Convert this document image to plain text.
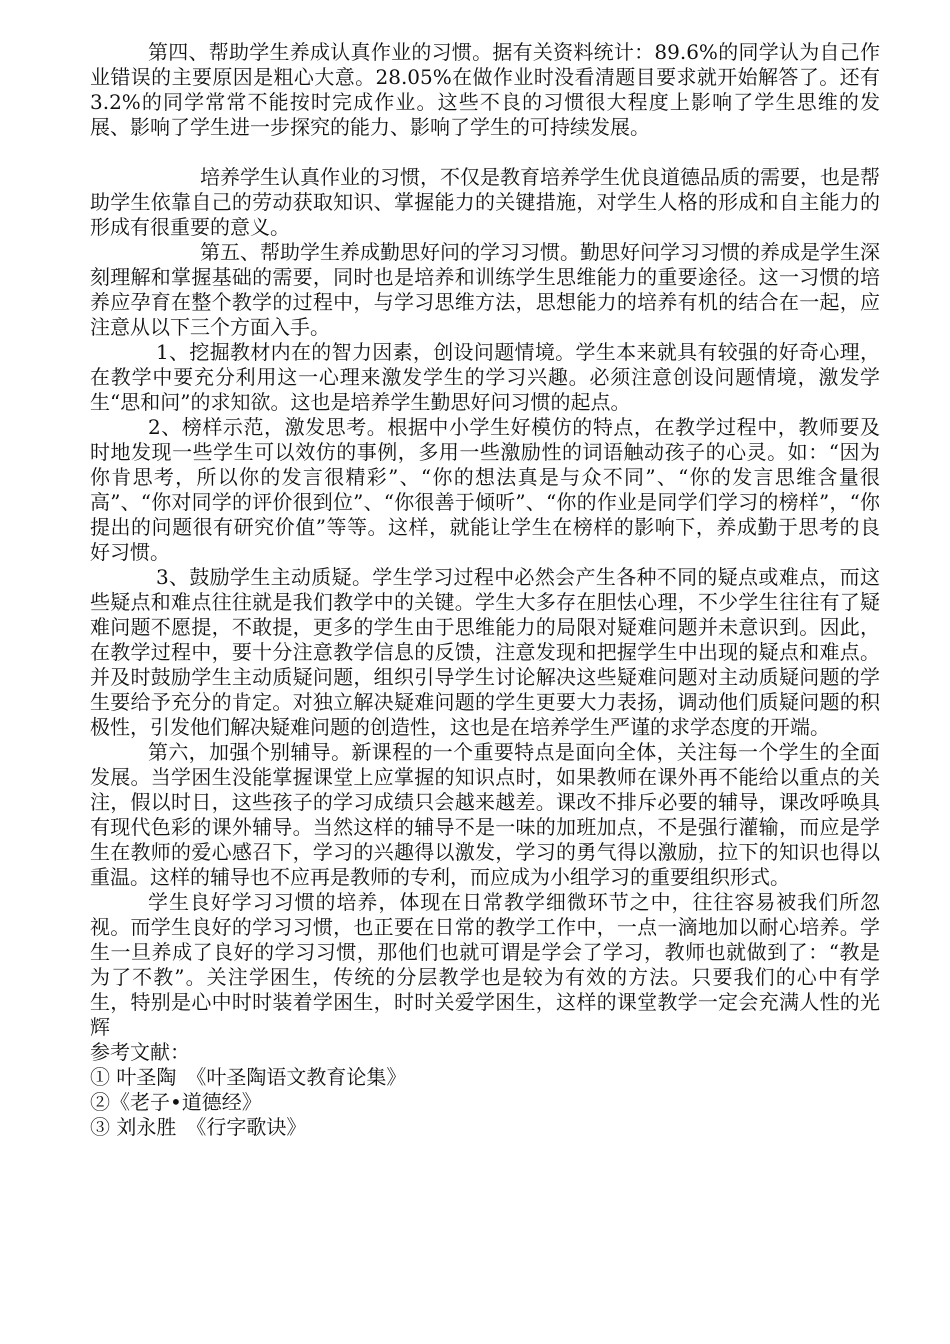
第四、帮助学生养成认真作业的习惯。据有关资料统计：89.6%的同学认为自己作业错误的主要原因是粗心大意。28.05%在做作业时没看清题目要求就开始解答了。还有3.2%的同学常常不能按时完成作业。这些不良的习惯很大程度上影响了学生思维的发展、影响了学生进一步探究的能力、影响了学生的可持续发展。

培养学生认真作业的习惯，不仅是教育培养学生优良道德品质的需要，也是帮助学生依靠自己的劳动获取知识、掌握能力的关键措施，对学生人格的形成和自主能力的形成有很重要的意义。

第五、帮助学生养成勤思好问的学习习惯。勤思好问学习习惯的养成是学生深刻理解和掌握基础的需要，同时也是培养和训练学生思维能力的重要途径。这一习惯的培养应孕育在整个教学的过程中，与学习思维方法，思想能力的培养有机的结合在一起，应注意从以下三个方面入手。

1、挖掘教材内在的智力因素，创设问题情境。学生本来就具有较强的好奇心理，在教学中要充分利用这一心理来激发学生的学习兴趣。必须注意创设问题情境，激发学生“思和问”的求知欲。这也是培养学生勤思好问习惯的起点。

2、榜样示范，激发思考。根据中小学生好模仿的特点，在教学过程中，教师要及时地发现一些学生可以效仿的事例，多用一些激励性的词语触动孩子的心灵。如：“因为你肯思考，所以你的发言很精彩”、“你的想法真是与众不同”、“你的发言思维含量很高”、“你对同学的评价很到位”、“你很善于倾听”、“你的作业是同学们学习的榜样”，“你提出的问题很有研究价值”等等。这样，就能让学生在榜样的影响下，养成勤于思考的良好习惯。

3、鼓励学生主动质疑。学生学习过程中必然会产生各种不同的疑点或难点，而这些疑点和难点往往就是我们教学中的关键。学生大多存在胆怯心理，不少学生往往有了疑难问题不愿提，不敢提，更多的学生由于思维能力的局限对疑难问题并未意识到。因此，在教学过程中，要十分注意教学信息的反馈，注意发现和把握学生中出现的疑点和难点。并及时鼓励学生主动质疑问题，组织引导学生讨论解决这些疑难问题对主动质疑问题的学生要给予充分的肯定。对独立解决疑难问题的学生更要大力表扬，调动他们质疑问题的积极性，引发他们解决疑难问题的创造性，这也是在培养学生严谨的求学态度的开端。

第六，加强个别辅导。新课程的一个重要特点是面向全体，关注每一个学生的全面发展。当学困生没能掌握课堂上应掌握的知识点时，如果教师在课外再不能给以重点的关注，假以时日，这些孩子的学习成绩只会越来越差。课改不排斥必要的辅导，课改呼唤具有现代色彩的课外辅导。当然这样的辅导不是一味的加班加点，不是强行灌输，而应是学生在教师的爱心感召下，学习的兴趣得以激发，学习的勇气得以激励，拉下的知识也得以重温。这样的辅导也不应再是教师的专利，而应成为小组学习的重要组织形式。

学生良好学习习惯的培养，体现在日常教学细微环节之中，往往容易被我们所忽视。而学生良好的学习习惯，也正要在日常的教学工作中，一点一滴地加以耐心培养。学生一旦养成了良好的学习习惯，那他们也就可谓是学会了学习，教师也就做到了：“教是为了不教”。关注学困生，传统的分层教学也是较为有效的方法。只要我们的心中有学生，特别是心中时时装着学困生，时时关爱学困生，这样的课堂教学一定会充满人性的光辉

参考文献：

① 叶圣陶　《叶圣陶语文教育论集》

②《老子•道德经》

③ 刘永胜　《行字歌诀》
